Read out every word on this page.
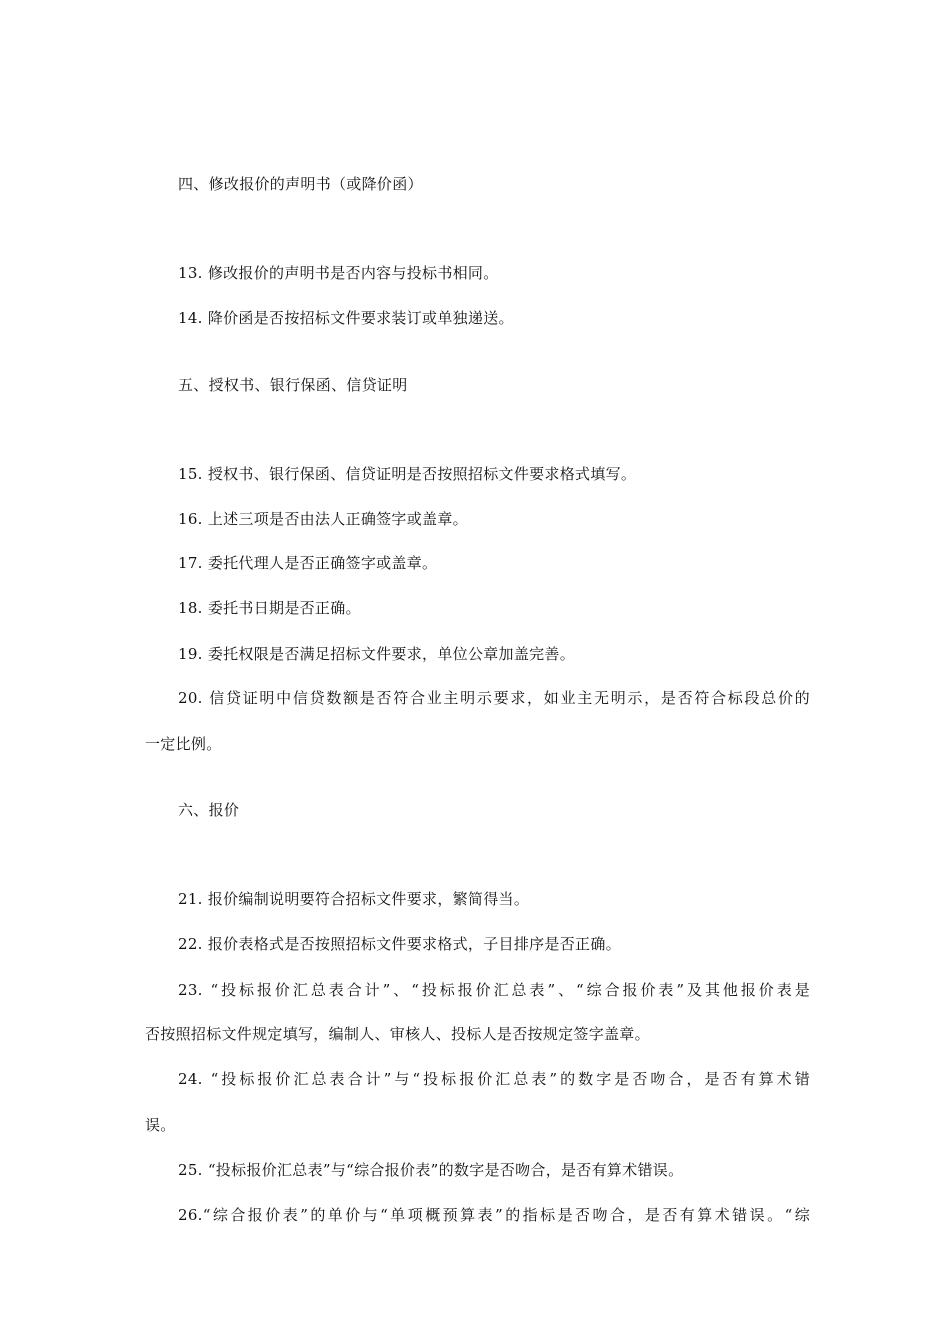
四、修改报价的声明书（或降价函）
13. 修改报价的声明书是否内容与投标书相同。
14. 降价函是否按招标文件要求装订或单独递送。
五、授权书、银行保函、信贷证明
15. 授权书、银行保函、信贷证明是否按照招标文件要求格式填写。
16. 上述三项是否由法人正确签字或盖章。
17. 委托代理人是否正确签字或盖章。
18. 委托书日期是否正确。
19. 委托权限是否满足招标文件要求，单位公章加盖完善。
20. 信贷证明中信贷数额是否符合业主明示要求，如业主无明示，是否符合标段总价的
一定比例。
六、报价
21. 报价编制说明要符合招标文件要求，繁简得当。
22. 报价表格式是否按照招标文件要求格式，子目排序是否正确。
23. “投标报价汇总表合计”、“投标报价汇总表”、“综合报价表”及其他报价表是
否按照招标文件规定填写，编制人、审核人、投标人是否按规定签字盖章。
24. “投标报价汇总表合计”与“投标报价汇总表”的数字是否吻合，是否有算术错
误。
25. “投标报价汇总表”与“综合报价表”的数字是否吻合，是否有算术错误。
26.“综合报价表”的单价与“单项概预算表”的指标是否吻合，是否有算术错误。“综
